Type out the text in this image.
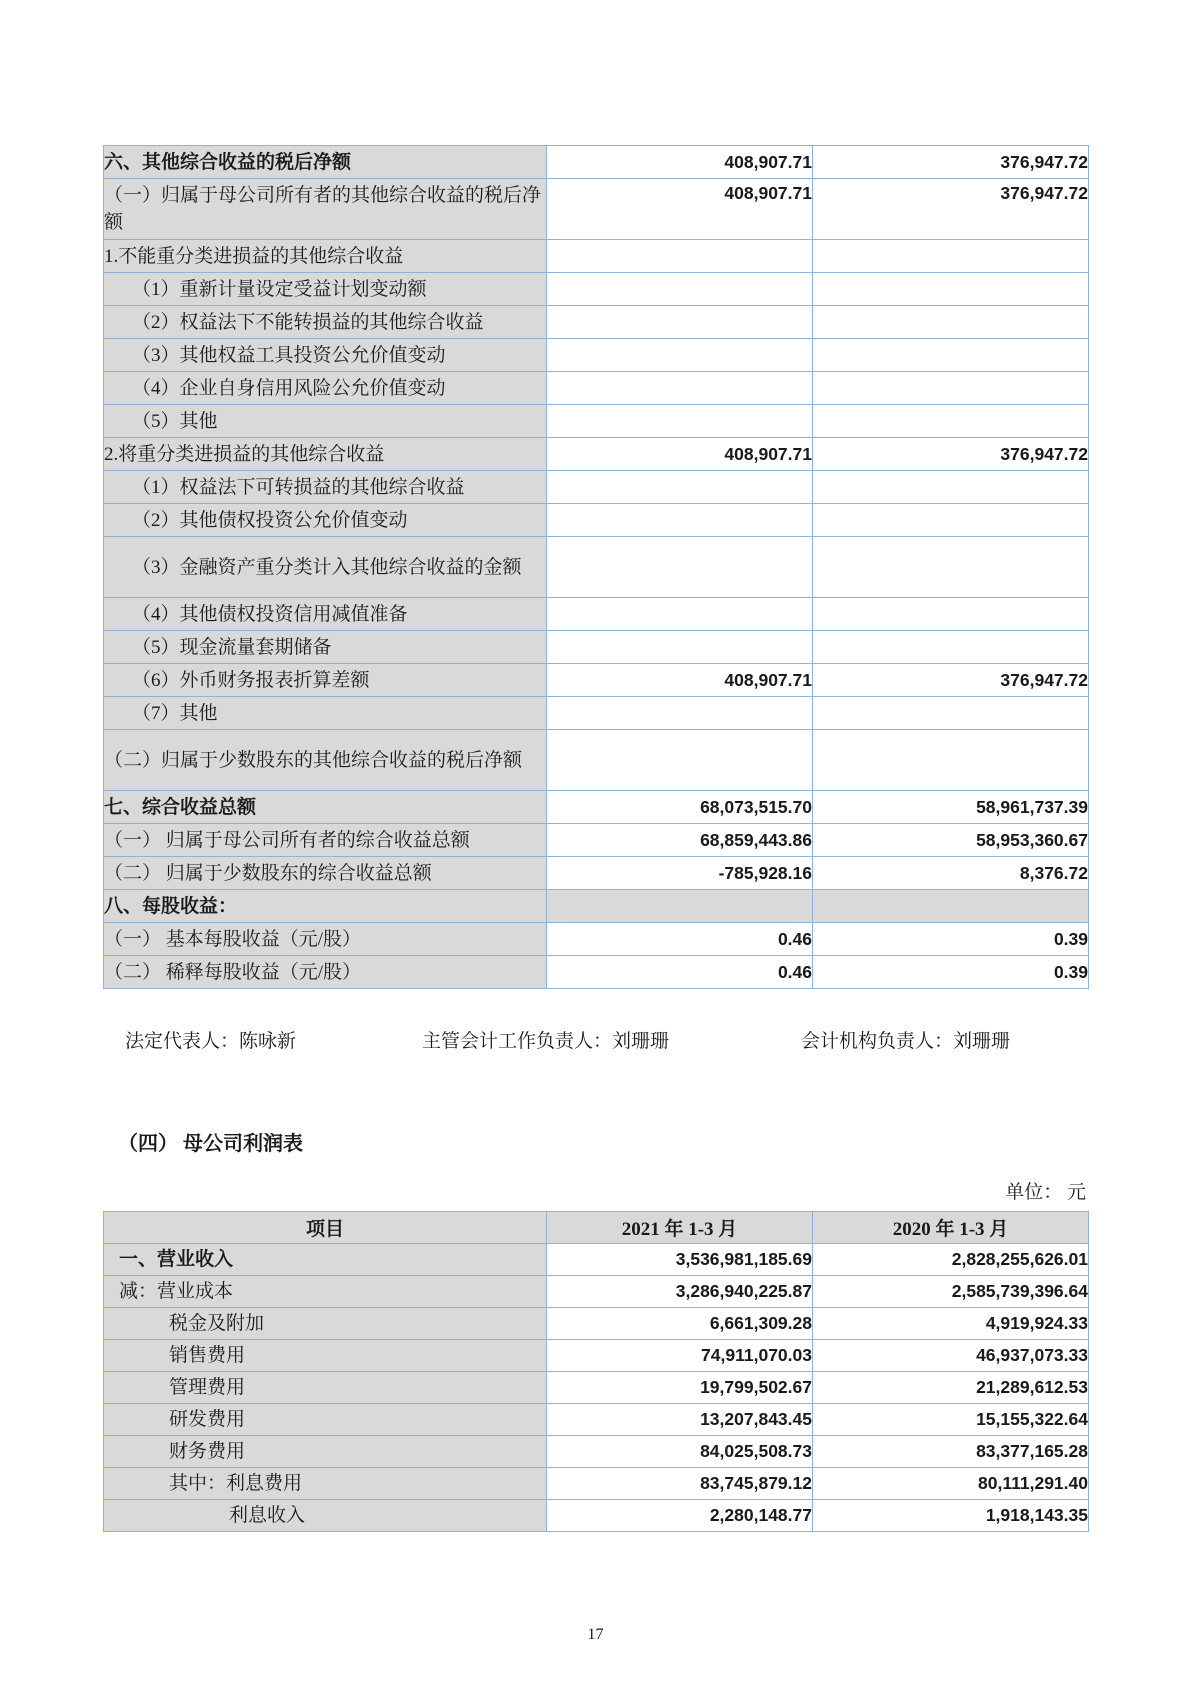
六、其他综合收益的税后净额	408,907.71	376,947.72
（一）归属于母公司所有者的其他综合收益的税后净额	408,907.71	376,947.72
1.不能重分类进损益的其他综合收益		
（1）重新计量设定受益计划变动额		
（2）权益法下不能转损益的其他综合收益		
（3）其他权益工具投资公允价值变动		
（4）企业自身信用风险公允价值变动		
（5）其他		
2.将重分类进损益的其他综合收益	408,907.71	376,947.72
（1）权益法下可转损益的其他综合收益		
（2）其他债权投资公允价值变动		
（3）金融资产重分类计入其他综合收益的金额		
（4）其他债权投资信用减值准备		
（5）现金流量套期储备		
（6）外币财务报表折算差额	408,907.71	376,947.72
（7）其他		
（二）归属于少数股东的其他综合收益的税后净额		
七、综合收益总额	68,073,515.70	58,961,737.39
（一） 归属于母公司所有者的综合收益总额	68,859,443.86	58,953,360.67
（二） 归属于少数股东的综合收益总额	-785,928.16	8,376.72
八、每股收益：		
（一） 基本每股收益（元/股）	0.46	0.39
（二） 稀释每股收益（元/股）	0.46	0.39
法定代表人：陈咏新	主管会计工作负责人：刘珊珊	会计机构负责人：刘珊珊
（四） 母公司利润表
单位： 元
项目	2021 年 1-3 月	2020 年 1-3 月
一、营业收入	3,536,981,185.69	2,828,255,626.01
减：营业成本	3,286,940,225.87	2,585,739,396.64
税金及附加	6,661,309.28	4,919,924.33
销售费用	74,911,070.03	46,937,073.33
管理费用	19,799,502.67	21,289,612.53
研发费用	13,207,843.45	15,155,322.64
财务费用	84,025,508.73	83,377,165.28
其中：利息费用	83,745,879.12	80,111,291.40
利息收入	2,280,148.77	1,918,143.35
17
